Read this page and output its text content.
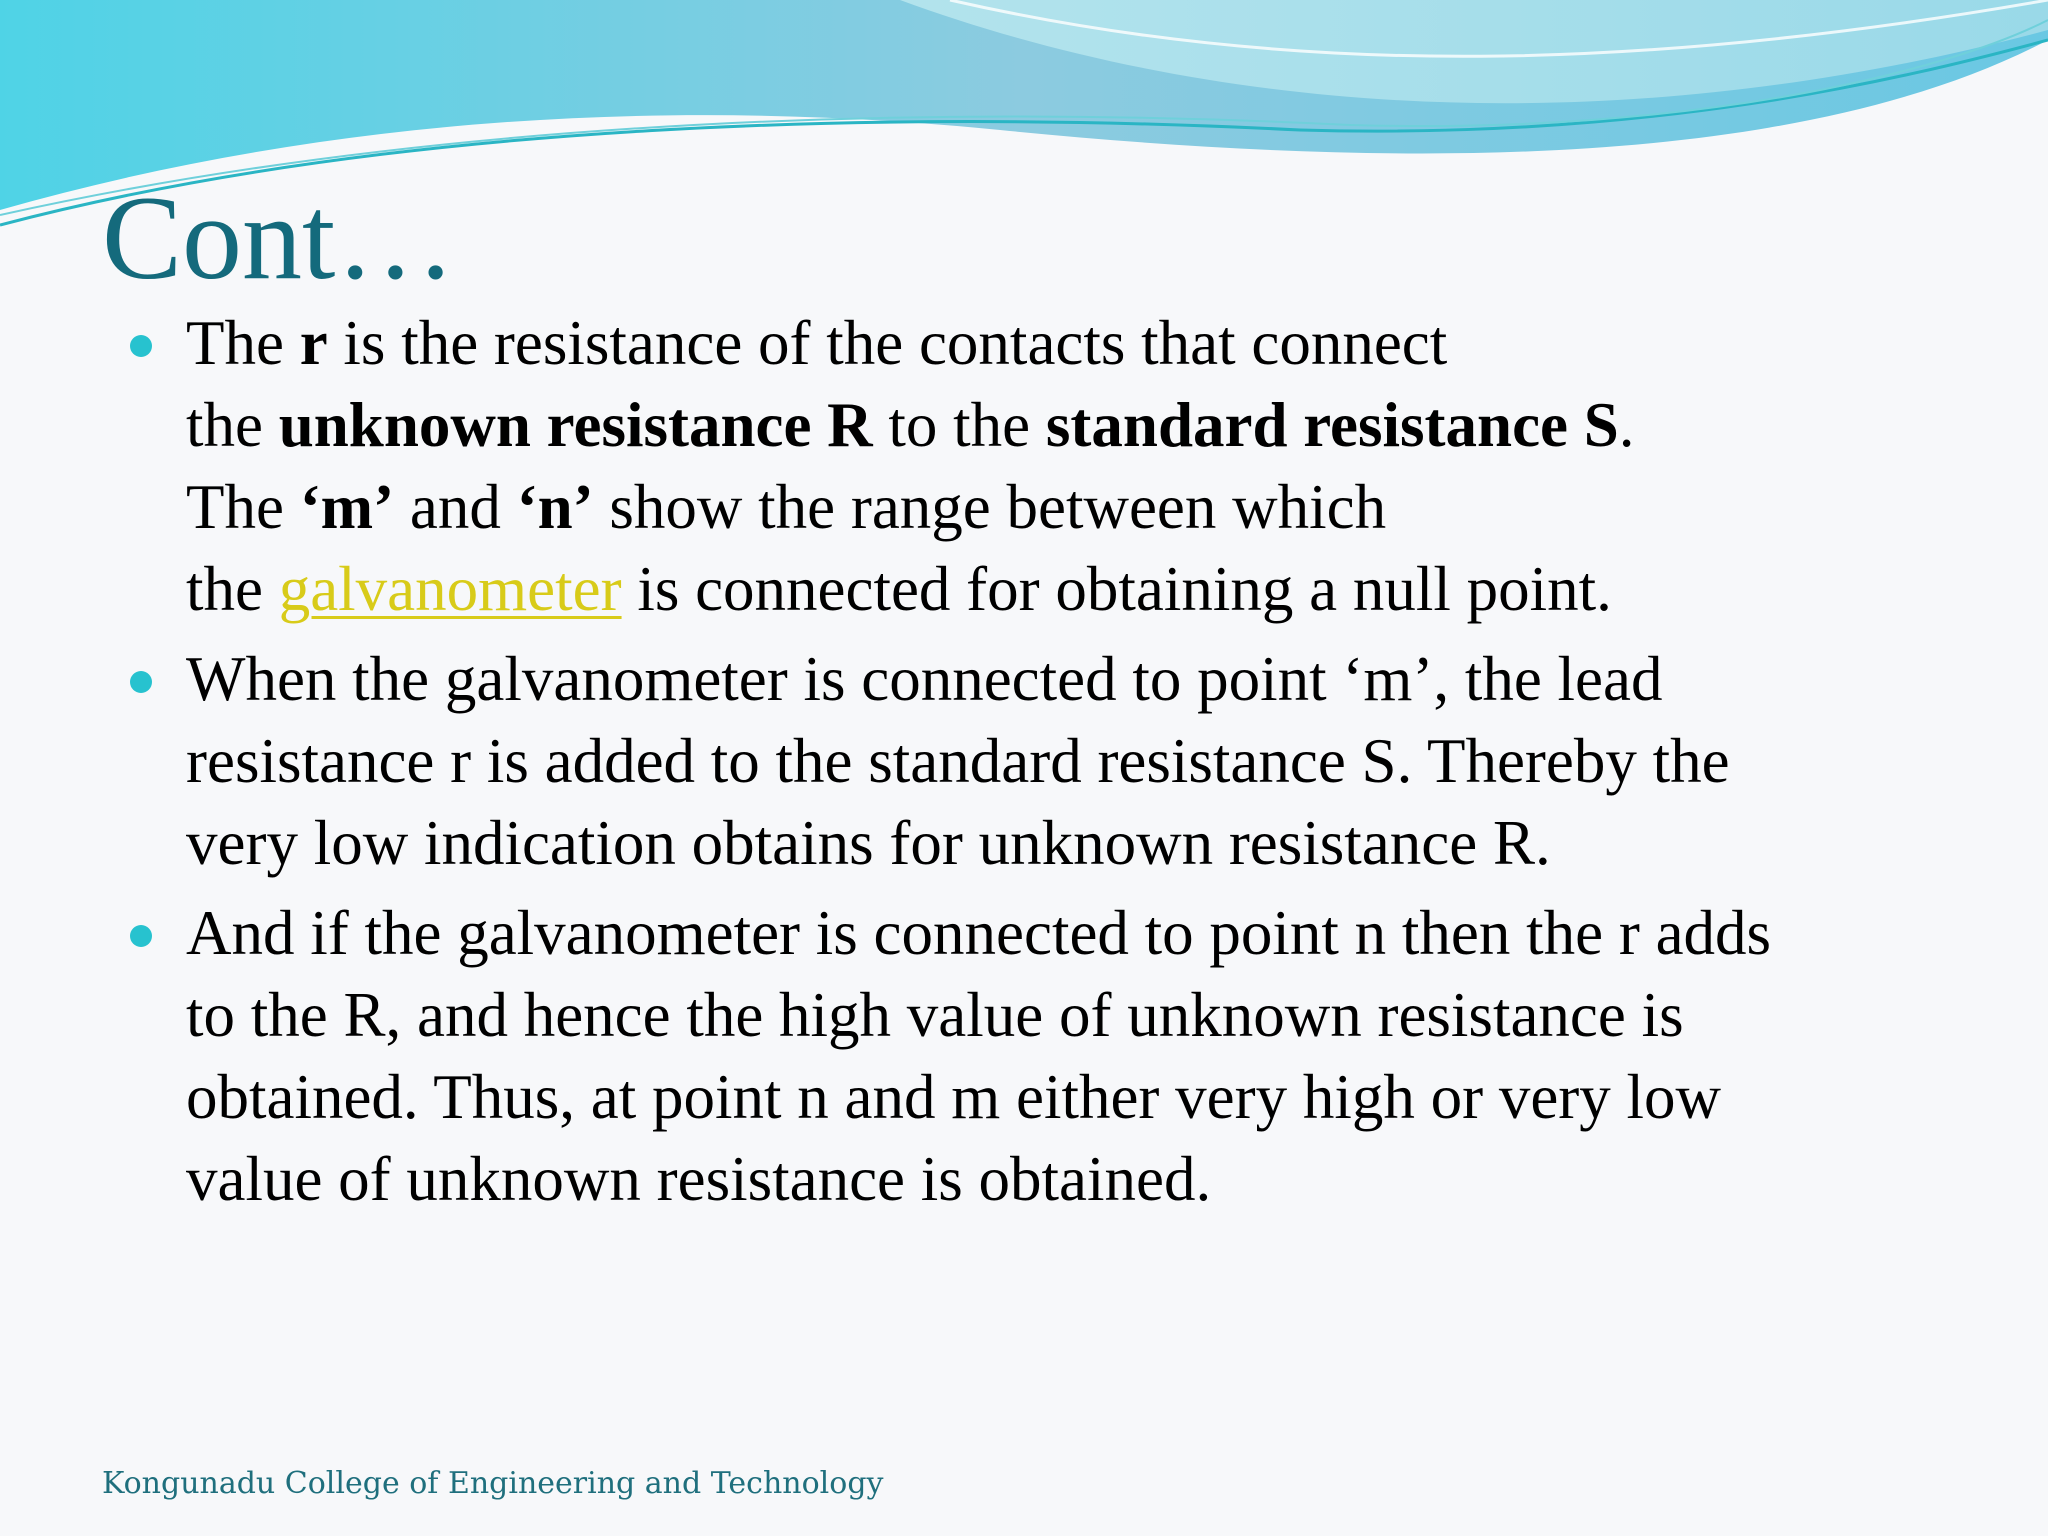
Cont…
The r is the resistance of the contacts that connect
the unknown resistance R to the standard resistance S.
The ‘m’ and ‘n’ show the range between which
the galvanometer is connected for obtaining a null point.
When the galvanometer is connected to point ‘m’, the lead
resistance r is added to the standard resistance S. Thereby the
very low indication obtains for unknown resistance R.
And if the galvanometer is connected to point n then the r adds
to the R, and hence the high value of unknown resistance is
obtained. Thus, at point n and m either very high or very low
value of unknown resistance is obtained.
Kongunadu College of Engineering and Technology
